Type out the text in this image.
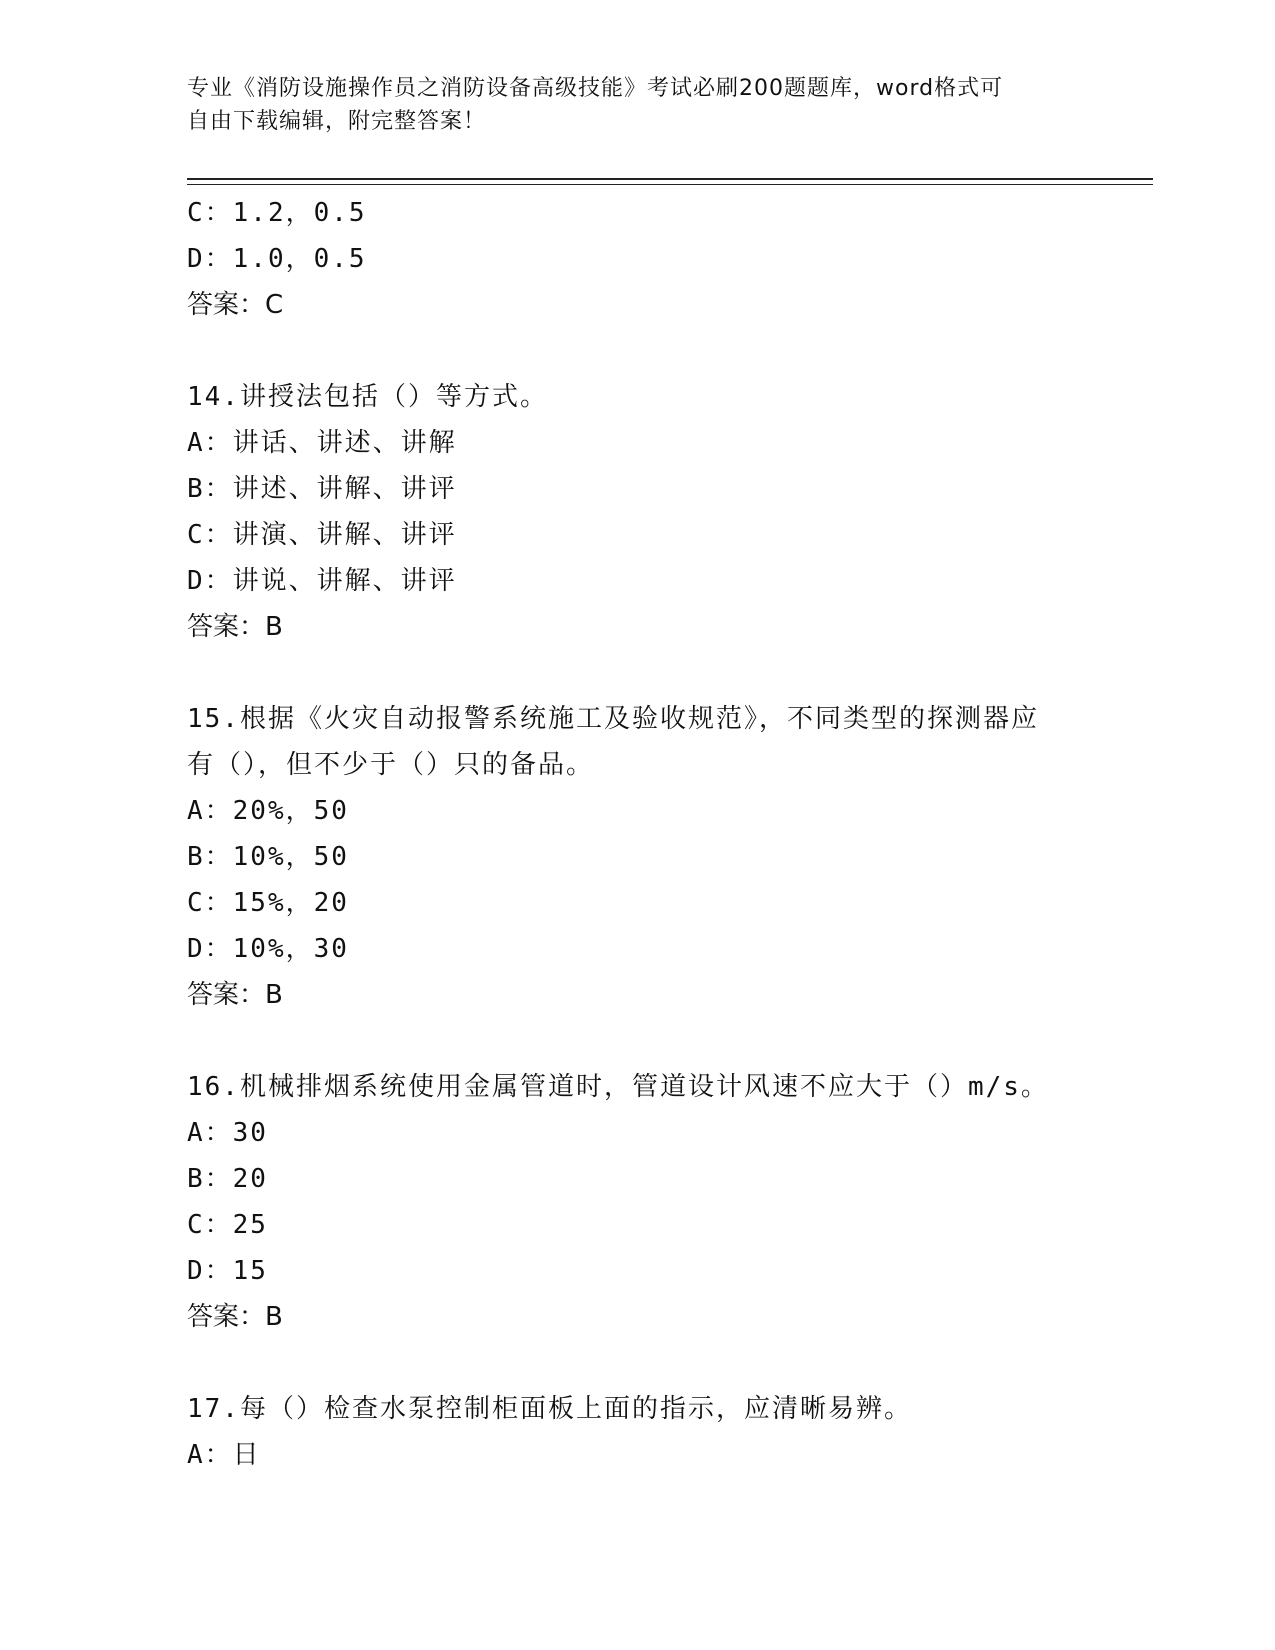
专业《消防设施操作员之消防设备高级技能》考试必刷200题题库，word格式可
自由下载编辑，附完整答案！
C：1.2，0.5
D：1.0，0.5
答案：C
14.讲授法包括（）等方式。
A：讲话、讲述、讲解
B：讲述、讲解、讲评
C：讲演、讲解、讲评
D：讲说、讲解、讲评
答案：B
15.根据《火灾自动报警系统施工及验收规范》，不同类型的探测器应
有（），但不少于（）只的备品。
A：20%，50
B：10%，50
C：15%，20
D：10%，30
答案：B
16.机械排烟系统使用金属管道时，管道设计风速不应大于（）m/s。
A：30
B：20
C：25
D：15
答案：B
17.每（）检查水泵控制柜面板上面的指示，应清晰易辨。
A：日
